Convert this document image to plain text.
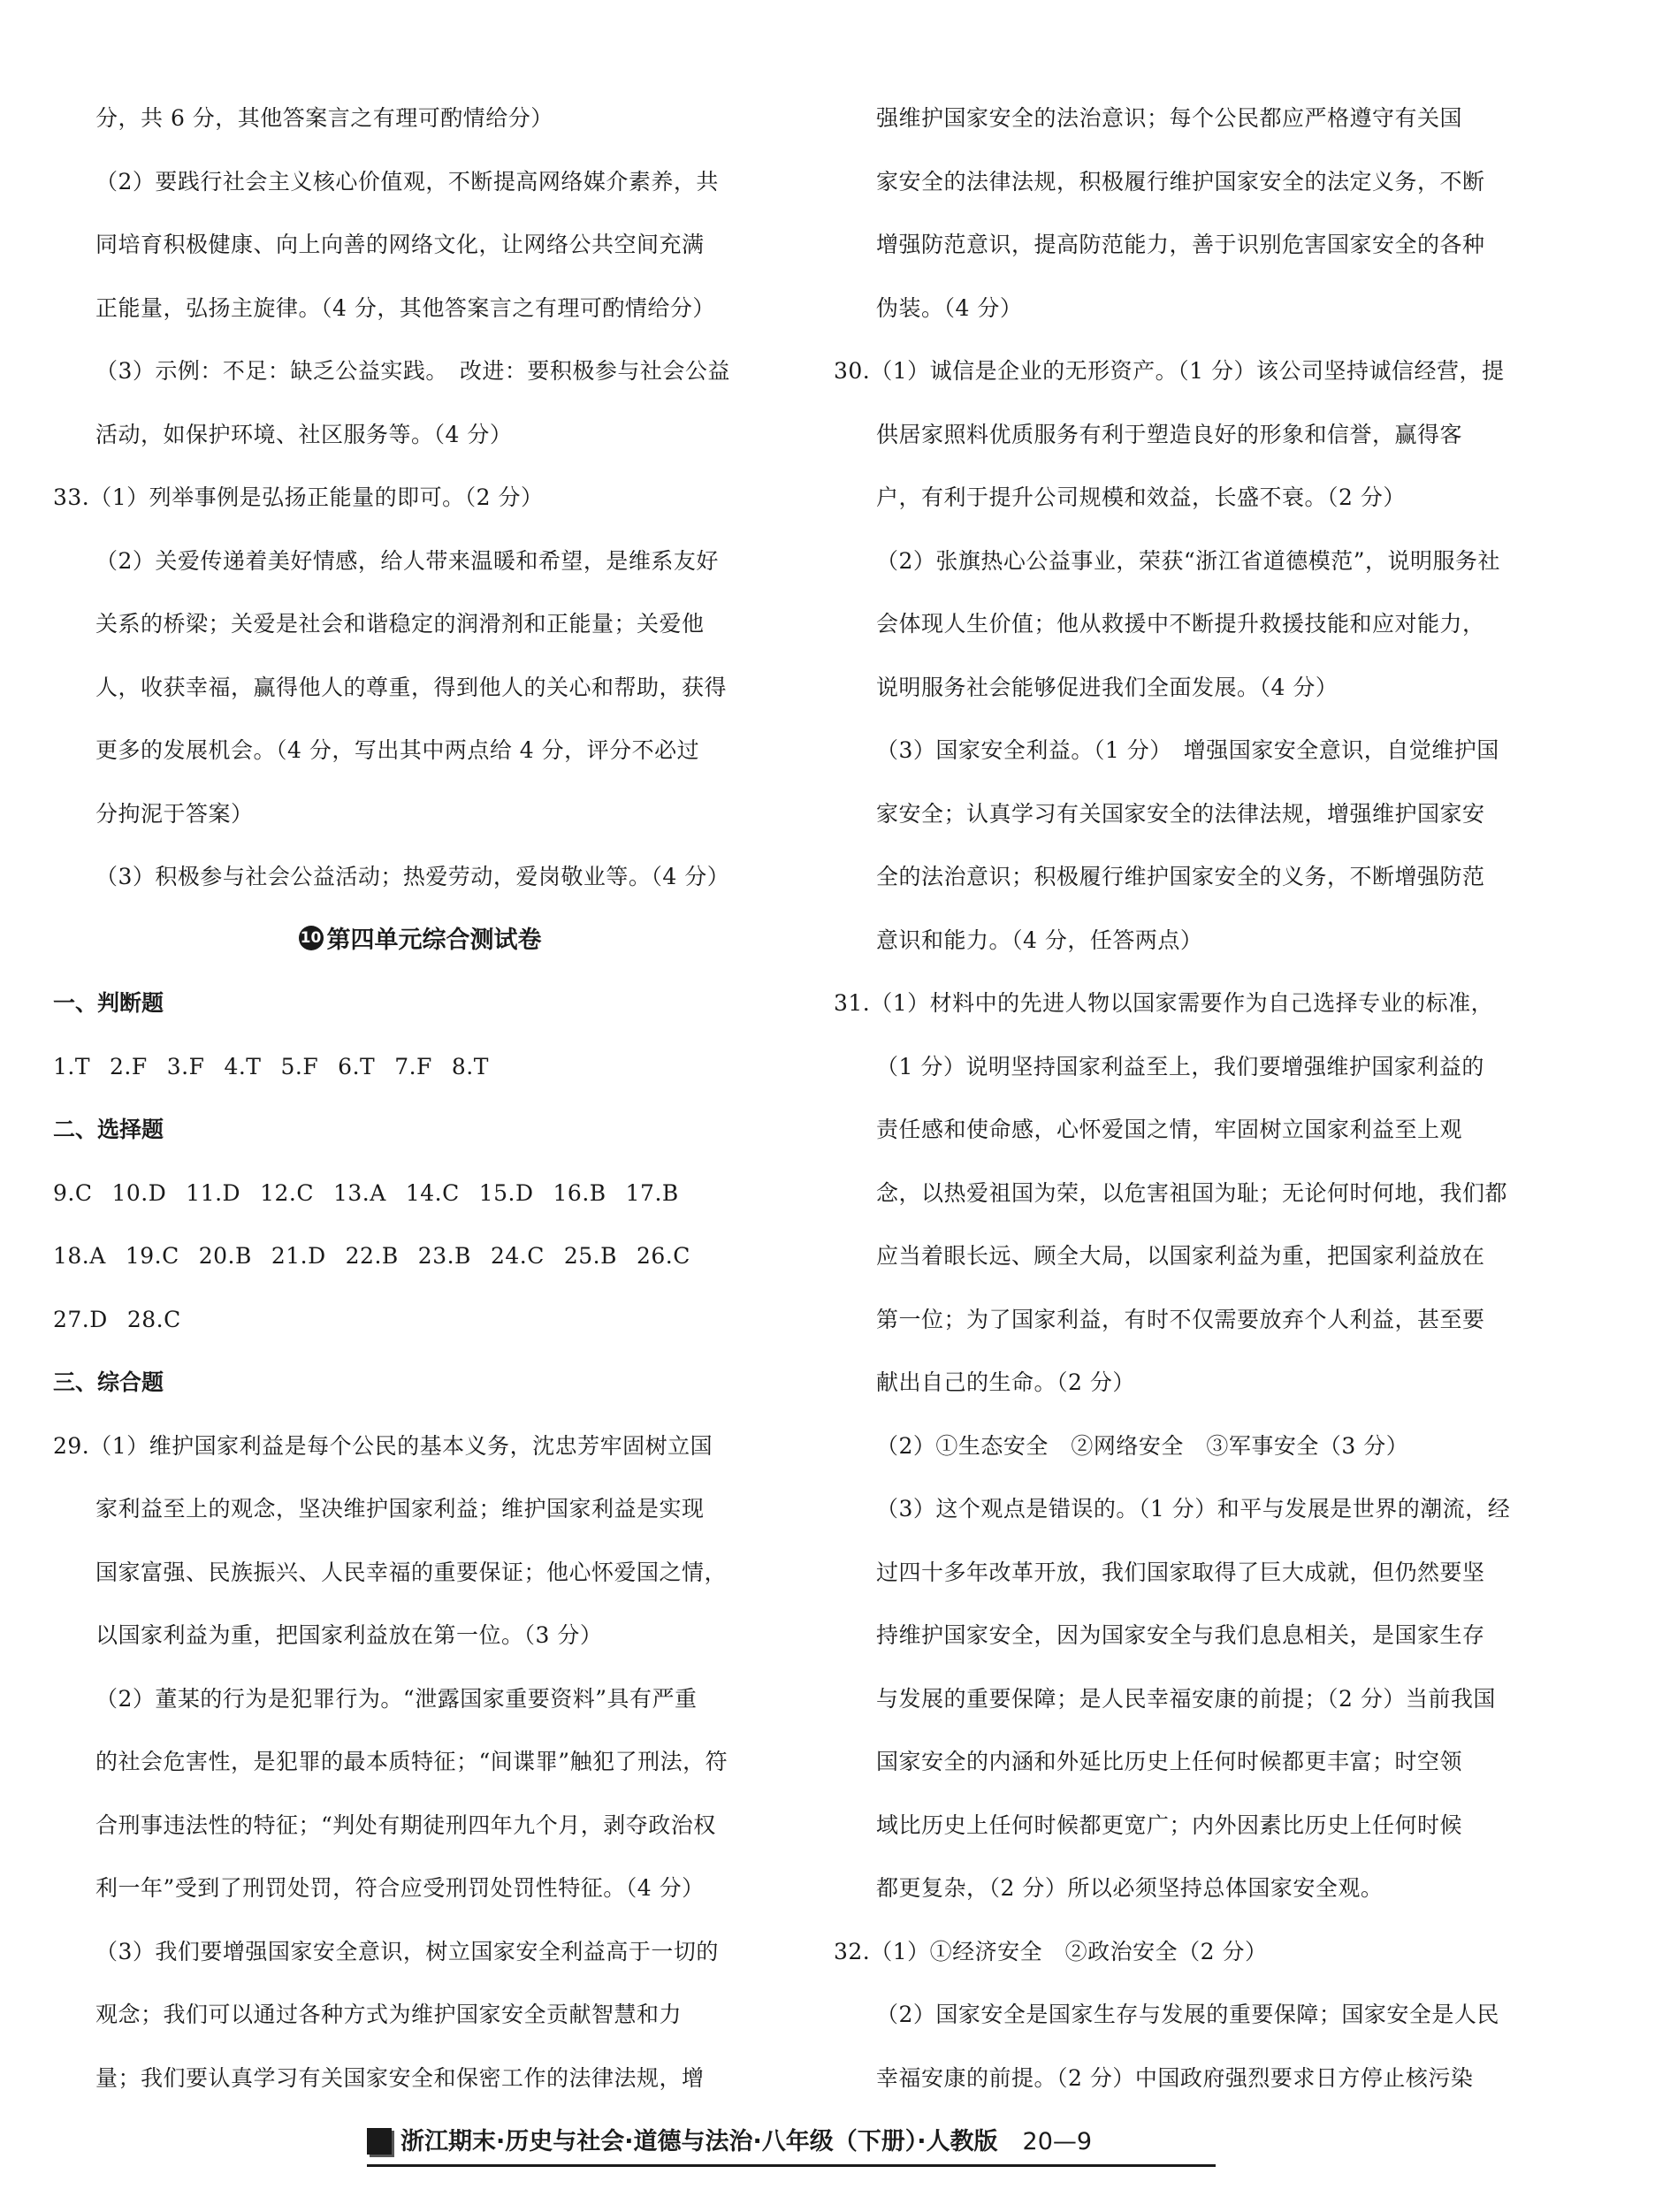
分，共 6 分，其他答案言之有理可酌情给分）
（2）要践行社会主义核心价值观，不断提高网络媒介素养，共
同培育积极健康、向上向善的网络文化，让网络公共空间充满
正能量，弘扬主旋律。（4 分，其他答案言之有理可酌情给分）
（3）示例：不足：缺乏公益实践。　改进：要积极参与社会公益
活动，如保护环境、社区服务等。（4 分）
33.（1）列举事例是弘扬正能量的即可。（2 分）
（2）关爱传递着美好情感，给人带来温暖和希望，是维系友好
关系的桥梁；关爱是社会和谐稳定的润滑剂和正能量；关爱他
人，收获幸福，赢得他人的尊重，得到他人的关心和帮助，获得
更多的发展机会。（4 分，写出其中两点给 4 分，评分不必过
分拘泥于答案）
（3）积极参与社会公益活动；热爱劳动，爱岗敬业等。（4 分）
10 第四单元综合测试卷
一、判断题
1.T 2.F 3.F 4.T 5.F 6.T 7.F 8.T
二、选择题
9.C 10.D 11.D 12.C 13.A 14.C 15.D 16.B 17.B
18.A 19.C 20.B 21.D 22.B 23.B 24.C 25.B 26.C
27.D 28.C
三、综合题
29.（1）维护国家利益是每个公民的基本义务，沈忠芳牢固树立国
家利益至上的观念，坚决维护国家利益；维护国家利益是实现
国家富强、民族振兴、人民幸福的重要保证；他心怀爱国之情，
以国家利益为重，把国家利益放在第一位。（3 分）
（2）董某的行为是犯罪行为。“泄露国家重要资料”具有严重
的社会危害性，是犯罪的最本质特征；“间谍罪”触犯了刑法，符
合刑事违法性的特征；“判处有期徒刑四年九个月，剥夺政治权
利一年”受到了刑罚处罚，符合应受刑罚处罚性特征。（4 分）
（3）我们要增强国家安全意识，树立国家安全利益高于一切的
观念；我们可以通过各种方式为维护国家安全贡献智慧和力
量；我们要认真学习有关国家安全和保密工作的法律法规，增
强维护国家安全的法治意识；每个公民都应严格遵守有关国
家安全的法律法规，积极履行维护国家安全的法定义务，不断
增强防范意识，提高防范能力，善于识别危害国家安全的各种
伪装。（4 分）
30.（1）诚信是企业的无形资产。（1 分）该公司坚持诚信经营，提
供居家照料优质服务有利于塑造良好的形象和信誉，赢得客
户，有利于提升公司规模和效益，长盛不衰。（2 分）
（2）张旗热心公益事业，荣获“浙江省道德模范”，说明服务社
会体现人生价值；他从救援中不断提升救援技能和应对能力，
说明服务社会能够促进我们全面发展。（4 分）
（3）国家安全利益。（1 分）　增强国家安全意识，自觉维护国
家安全；认真学习有关国家安全的法律法规，增强维护国家安
全的法治意识；积极履行维护国家安全的义务，不断增强防范
意识和能力。（4 分，任答两点）
31.（1）材料中的先进人物以国家需要作为自己选择专业的标准，
（1 分）说明坚持国家利益至上，我们要增强维护国家利益的
责任感和使命感，心怀爱国之情，牢固树立国家利益至上观
念，以热爱祖国为荣，以危害祖国为耻；无论何时何地，我们都
应当着眼长远、顾全大局，以国家利益为重，把国家利益放在
第一位；为了国家利益，有时不仅需要放弃个人利益，甚至要
献出自己的生命。（2 分）
（2）①生态安全　②网络安全　③军事安全（3 分）
（3）这个观点是错误的。（1 分）和平与发展是世界的潮流，经
过四十多年改革开放，我们国家取得了巨大成就，但仍然要坚
持维护国家安全，因为国家安全与我们息息相关，是国家生存
与发展的重要保障；是人民幸福安康的前提；（2 分）当前我国
国家安全的内涵和外延比历史上任何时候都更丰富；时空领
域比历史上任何时候都更宽广；内外因素比历史上任何时候
都更复杂，（2 分）所以必须坚持总体国家安全观。
32.（1）①经济安全　②政治安全（2 分）
（2）国家安全是国家生存与发展的重要保障；国家安全是人民
幸福安康的前提。（2 分）中国政府强烈要求日方停止核污染
浙江期末·历史与社会·道德与法治·八年级（下册）·人教版 20—9
